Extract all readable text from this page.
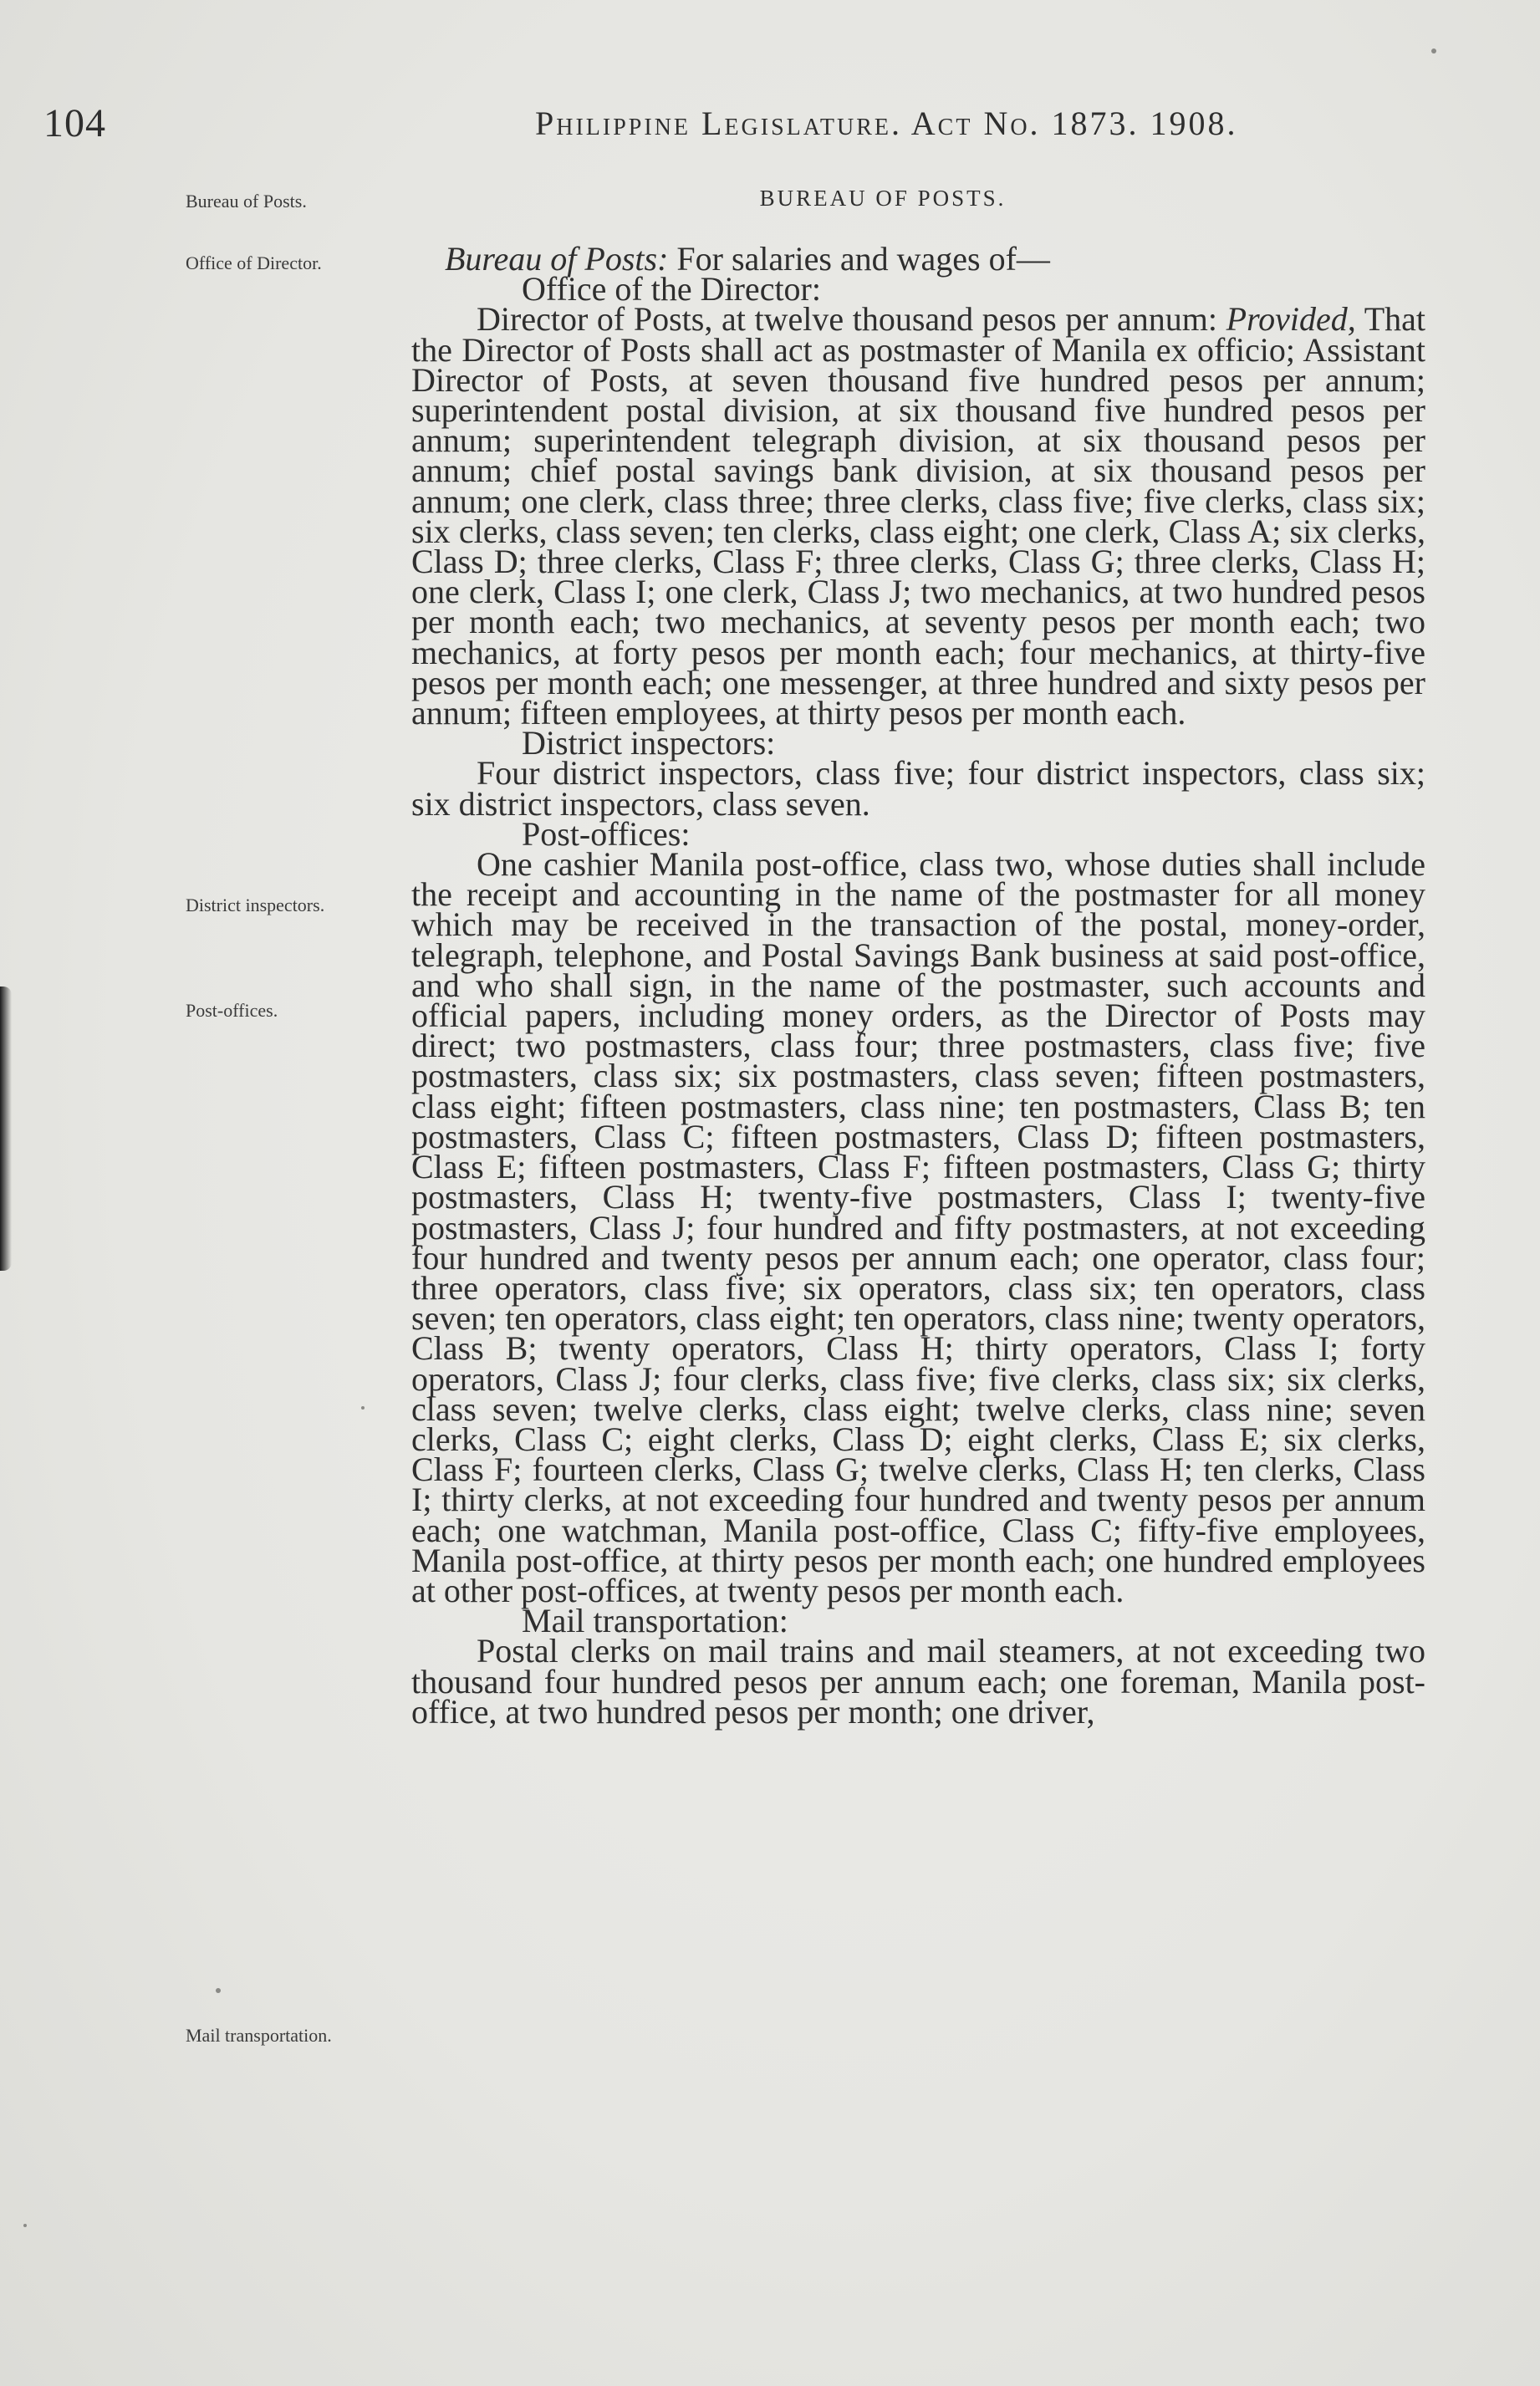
104	Philippine Legislature. Act No. 1873. 1908.
Bureau of Posts.	BUREAU OF POSTS.
Office of Director.
District inspectors.
Post-offices.
Mail transportation.

Bureau of Posts: For salaries and wages of—

Office of the Director:

Director of Posts, at twelve thousand pesos per annum: Provided, That the Director of Posts shall act as postmaster of Manila ex officio; Assistant Director of Posts, at seven thousand five hundred pesos per annum; superintendent postal division, at six thousand five hundred pesos per annum; superintendent telegraph division, at six thousand pesos per annum; chief postal savings bank division, at six thousand pesos per annum; one clerk, class three; three clerks, class five; five clerks, class six; six clerks, class seven; ten clerks, class eight; one clerk, Class A; six clerks, Class D; three clerks, Class F; three clerks, Class G; three clerks, Class H; one clerk, Class I; one clerk, Class J; two mechanics, at two hundred pesos per month each; two mechanics, at seventy pesos per month each; two mechanics, at forty pesos per month each; four mechanics, at thirty-five pesos per month each; one messenger, at three hundred and sixty pesos per annum; fifteen employees, at thirty pesos per month each.

District inspectors:

Four district inspectors, class five; four district inspectors, class six; six district inspectors, class seven.

Post-offices:

One cashier Manila post-office, class two, whose duties shall include the receipt and accounting in the name of the postmaster for all money which may be received in the transaction of the postal, money-order, telegraph, telephone, and Postal Savings Bank business at said post-office, and who shall sign, in the name of the postmaster, such accounts and official papers, including money orders, as the Director of Posts may direct; two postmasters, class four; three postmasters, class five; five postmasters, class six; six postmasters, class seven; fifteen postmasters, class eight; fifteen postmasters, class nine; ten postmasters, Class B; ten postmasters, Class C; fifteen postmasters, Class D; fifteen postmasters, Class E; fifteen postmasters, Class F; fifteen postmasters, Class G; thirty postmasters, Class H; twenty-five postmasters, Class I; twenty-five postmasters, Class J; four hundred and fifty postmasters, at not exceeding four hundred and twenty pesos per annum each; one operator, class four; three operators, class five; six operators, class six; ten operators, class seven; ten operators, class eight; ten operators, class nine; twenty operators, Class B; twenty operators, Class H; thirty operators, Class I; forty operators, Class J; four clerks, class five; five clerks, class six; six clerks, class seven; twelve clerks, class eight; twelve clerks, class nine; seven clerks, Class C; eight clerks, Class D; eight clerks, Class E; six clerks, Class F; fourteen clerks, Class G; twelve clerks, Class H; ten clerks, Class I; thirty clerks, at not exceeding four hundred and twenty pesos per annum each; one watchman, Manila post-office, Class C; fifty-five employees, Manila post-office, at thirty pesos per month each; one hundred employees at other post-offices, at twenty pesos per month each.

Mail transportation:

Postal clerks on mail trains and mail steamers, at not exceeding two thousand four hundred pesos per annum each; one foreman, Manila post-office, at two hundred pesos per month; one driver,
